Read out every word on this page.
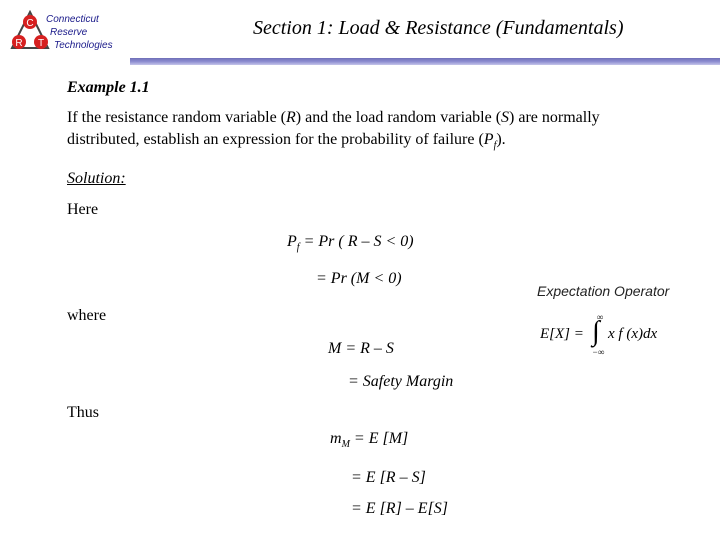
C
R T
Connecticut
Reserve
Technologies
Section 1: Load & Resistance (Fundamentals)
Example 1.1
If the resistance random variable (R) and the load random variable (S) are normally distributed, establish an expression for the probability of failure $(P_f)$.
Solution:
Here
$P_f = Pr$ ( R – S < 0)
= Pr (M < 0)
where
M = R – S
= Safety Margin
Thus
$m_M = E$ [M]
= E [R – S]
= E [R] – E[S]
Expectation Operator
E[X] =
∞
∫
−∞
x f (x)dx
